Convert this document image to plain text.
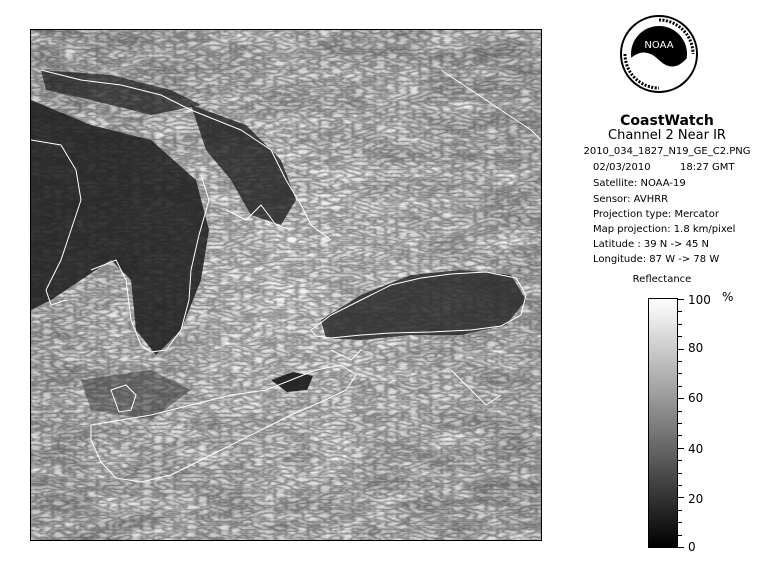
NOAA
CoastWatch
Channel 2 Near IR
2010_034_1827_N19_GE_C2.PNG
02/03/2010	18:27 GMT
Satellite: NOAA-19
Sensor: AVHRR
Projection type: Mercator
Map projection: 1.8 km/pixel
Latitude : 39 N -> 45 N
Longitude: 87 W -> 78 W
Reflectance
%
100
80
60
40
20
0
